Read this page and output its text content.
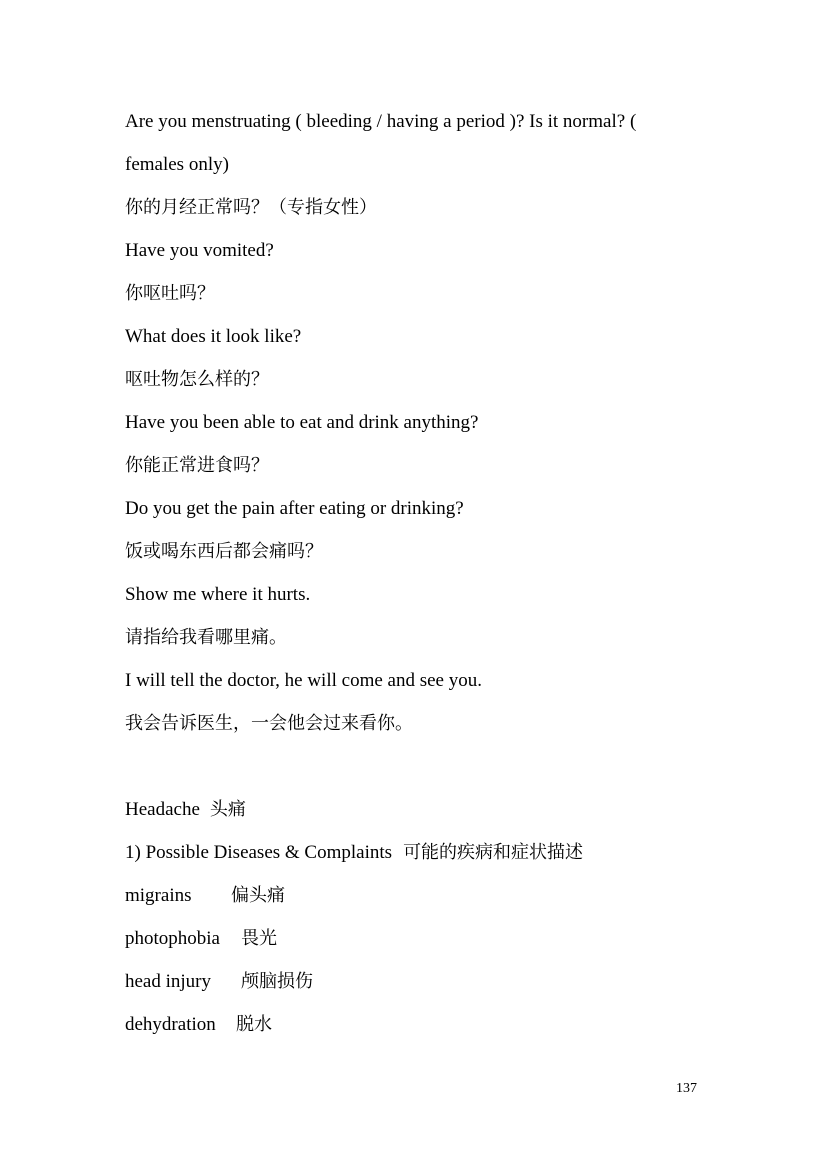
Are you menstruating ( bleeding / having a period )? Is it normal? (

females only)

你的月经正常吗？（专指女性）

Have you vomited?

你呕吐吗？

What does it look like?

呕吐物怎么样的？

Have you been able to eat and drink anything?

你能正常进食吗？

Do you get the pain after eating or drinking?

饭或喝东西后都会痛吗？

Show me where it hurts.

请指给我看哪里痛。

I will tell the doctor, he will come and see you.

我会告诉医生，一会他会过来看你。

Headache 头痛

1) Possible Diseases & Complaints 可能的疾病和症状描述

migrains 偏头痛

photophobia 畏光

head injury 颅脑损伤

dehydration 脱水

137
